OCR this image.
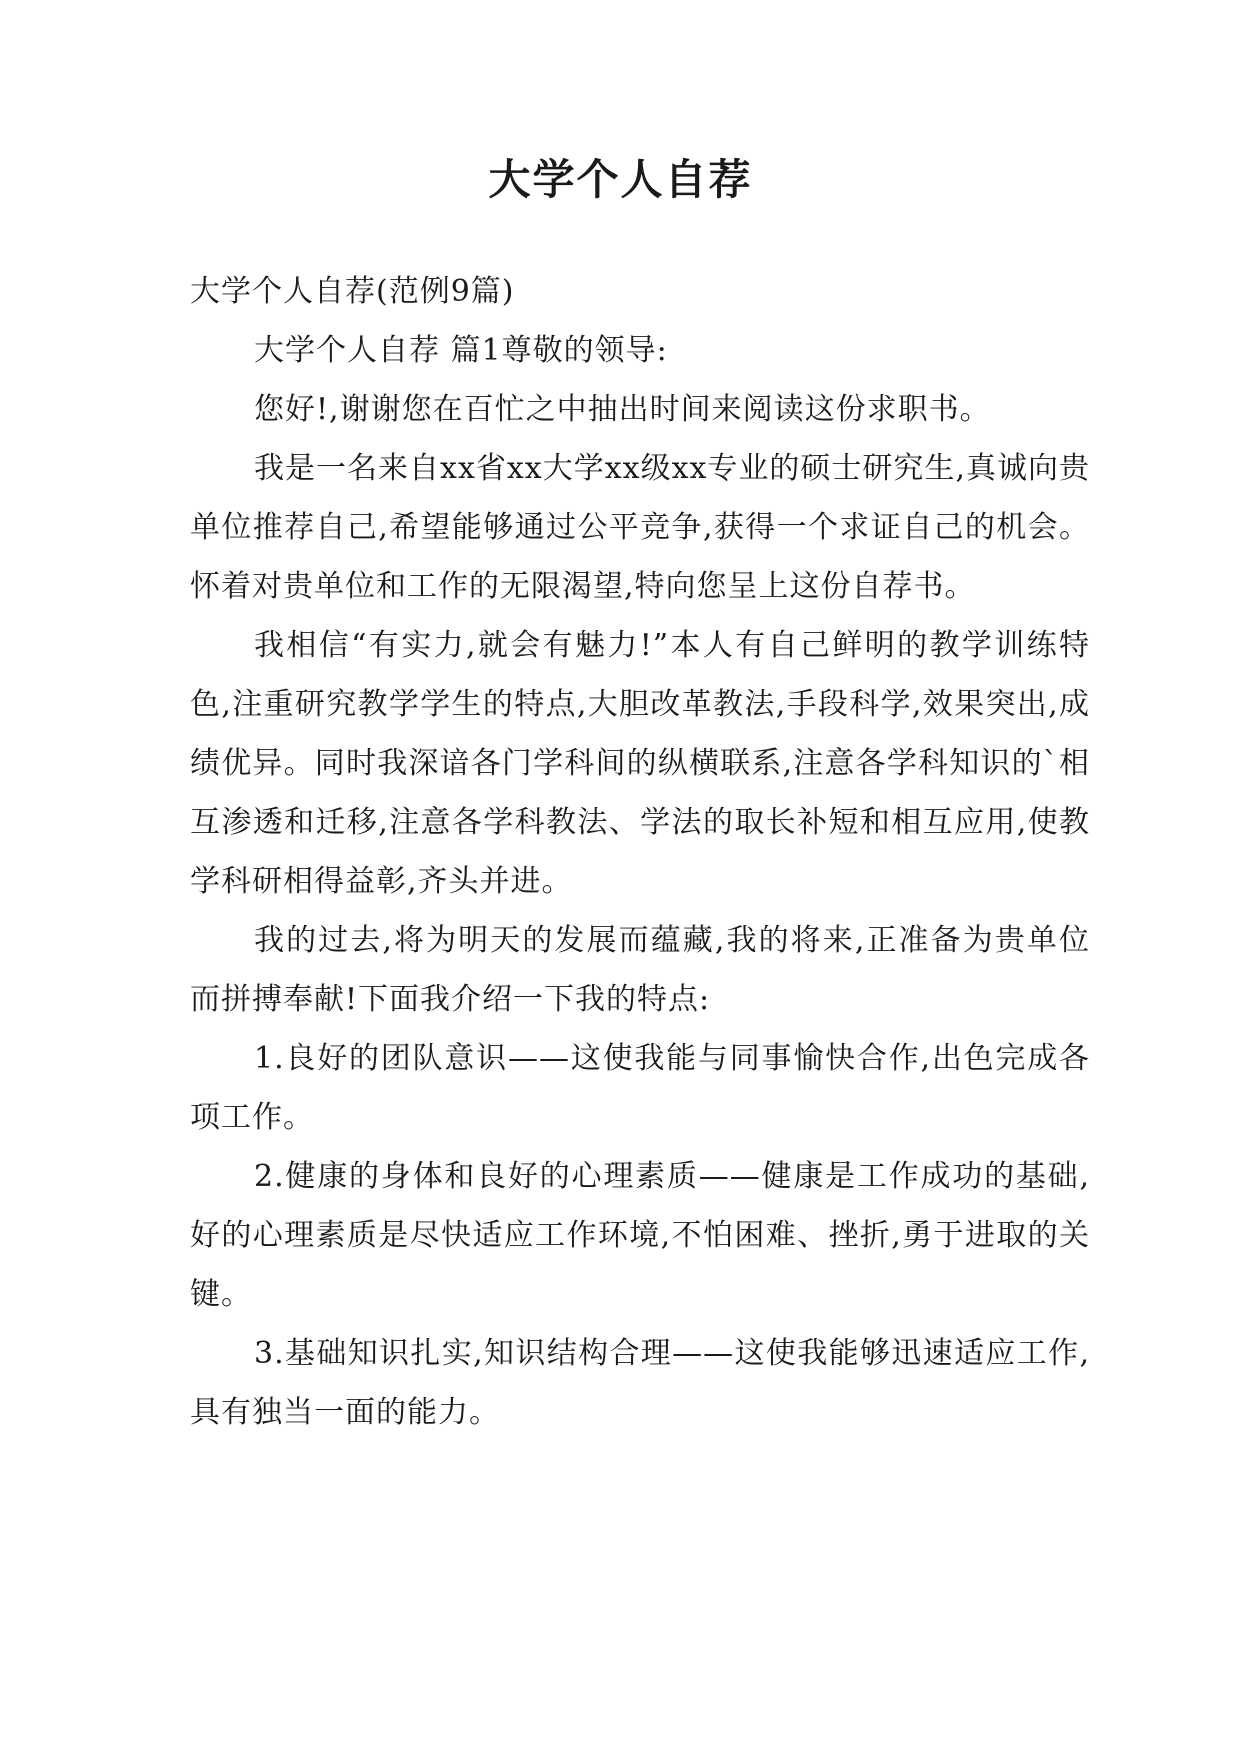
大学个人自荐

大学个人自荐(范例9篇)

大学个人自荐 篇1尊敬的领导:

您好!,谢谢您在百忙之中抽出时间来阅读这份求职书。

我是一名来自xx省xx大学xx级xx专业的硕士研究生,真诚向贵单位推荐自己,希望能够通过公平竞争,获得一个求证自己的机会。怀着对贵单位和工作的无限渴望,特向您呈上这份自荐书。

我相信“有实力,就会有魅力!”本人有自己鲜明的教学训练特色,注重研究教学学生的特点,大胆改革教法,手段科学,效果突出,成绩优异。同时我深谙各门学科间的纵横联系,注意各学科知识的`相互渗透和迁移,注意各学科教法、学法的取长补短和相互应用,使教学科研相得益彰,齐头并进。

我的过去,将为明天的发展而蕴藏,我的将来,正准备为贵单位而拼搏奉献!下面我介绍一下我的特点:

1.良好的团队意识——这使我能与同事愉快合作,出色完成各项工作。

2.健康的身体和良好的心理素质——健康是工作成功的基础,好的心理素质是尽快适应工作环境,不怕困难、挫折,勇于进取的关键。

3.基础知识扎实,知识结构合理——这使我能够迅速适应工作,具有独当一面的能力。
